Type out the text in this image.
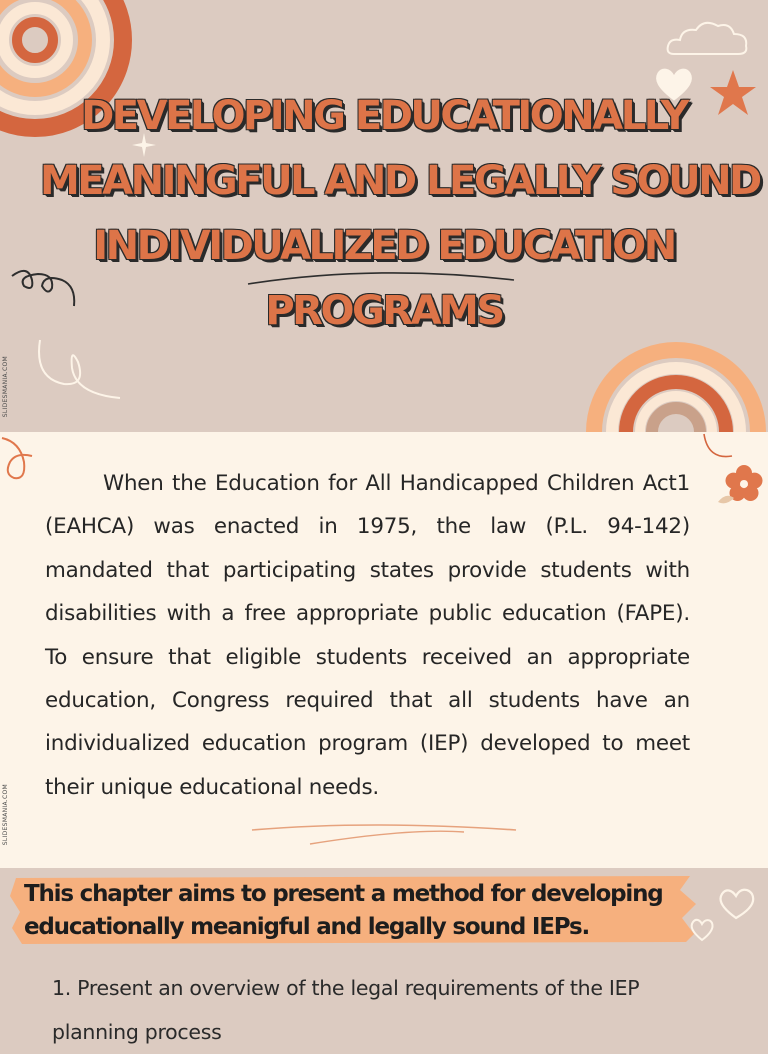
DEVELOPING EDUCATIONALLY
MEANINGFUL AND LEGALLY SOUND
INDIVIDUALIZED EDUCATION
PROGRAMS
SLIDESMANIA.COM

When the Education for All Handicapped Children Act1 (EAHCA) was enacted in 1975, the law (P.L. 94-142) mandated that participating states provide students with disabilities with a free appropriate public education (FAPE). To ensure that eligible students received an appropriate education, Congress required that all students have an individualized education program (IEP) developed to meet their unique educational needs.

SLIDESMANIA.COM

This chapter aims to present a method for developing educationally meanigful and legally sound IEPs.

1. Present an overview of the legal requirements of the IEP planning process
